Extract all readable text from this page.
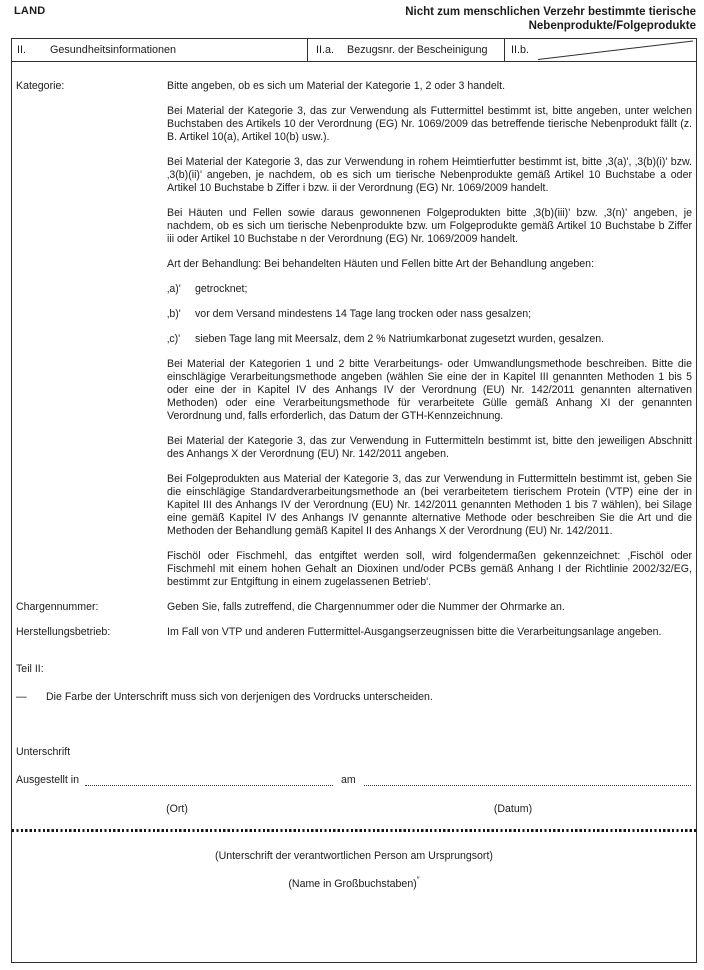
LAND	Nicht zum menschlichen Verzehr bestimmte tierische
Nebenprodukte/Folgeprodukte
II.	Gesundheitsinformationen	II.a.	Bezugsnr. der Bescheinigung II.b.
Kategorie:	Bitte angeben, ob es sich um Material der Kategorie 1, 2 oder 3 handelt.

Bei Material der Kategorie 3, das zur Verwendung als Futtermittel bestimmt ist, bitte angeben, unter welchen Buchstaben des Artikels 10 der Verordnung (EG) Nr. 1069/2009 das betreffende tierische Nebenprodukt fällt (z. B. Artikel 10(a), Artikel 10(b) usw.).

Bei Material der Kategorie 3, das zur Verwendung in rohem Heimtierfutter bestimmt ist, bitte ‚3(a)', ‚3(b)(i)' bzw. ‚3(b)(ii)' angeben, je nachdem, ob es sich um tierische Nebenprodukte gemäß Artikel 10 Buchstabe a oder Artikel 10 Buchstabe b Ziffer i bzw. ii der Verordnung (EG) Nr. 1069/2009 handelt.

Bei Häuten und Fellen sowie daraus gewonnenen Folgeprodukten bitte ‚3(b)(iii)' bzw. ‚3(n)' angeben, je nachdem, ob es sich um tierische Nebenprodukte bzw. um Folgeprodukte gemäß Artikel 10 Buchstabe b Ziffer iii oder Artikel 10 Buchstabe n der Verordnung (EG) Nr. 1069/2009 handelt.

Art der Behandlung: Bei behandelten Häuten und Fellen bitte Art der Behandlung angeben:

‚a)'	getrocknet;
‚b)'	vor dem Versand mindestens 14 Tage lang trocken oder nass gesalzen;
‚c)'	sieben Tage lang mit Meersalz, dem 2 % Natriumkarbonat zugesetzt wurden, gesalzen.

Bei Material der Kategorien 1 und 2 bitte Verarbeitungs- oder Umwandlungsmethode beschreiben. Bitte die einschlägige Verarbeitungsmethode angeben (wählen Sie eine der in Kapitel III genannten Methoden 1 bis 5 oder eine der in Kapitel IV des Anhangs IV der Verordnung (EU) Nr. 142/2011 genannten alternativen Methoden) oder eine Verarbeitungsmethode für verarbeitete Gülle gemäß Anhang XI der genannten Verordnung und, falls erforderlich, das Datum der GTH-Kennzeichnung.

Bei Material der Kategorie 3, das zur Verwendung in Futtermitteln bestimmt ist, bitte den jeweiligen Abschnitt des Anhangs X der Verordnung (EU) Nr. 142/2011 angeben.

Bei Folgeprodukten aus Material der Kategorie 3, das zur Verwendung in Futtermitteln bestimmt ist, geben Sie die einschlägige Standardverarbeitungsmethode an (bei verarbeitetem tierischem Protein (VTP) eine der in Kapitel III des Anhangs IV der Verordnung (EU) Nr. 142/2011 genannten Methoden 1 bis 7 wählen), bei Silage eine gemäß Kapitel IV des Anhangs IV genannte alternative Methode oder beschreiben Sie die Art und die Methoden der Behandlung gemäß Kapitel II des Anhangs X der Verordnung (EU) Nr. 142/2011.

Fischöl oder Fischmehl, das entgiftet werden soll, wird folgendermaßen gekennzeichnet: ‚Fischöl oder Fischmehl mit einem hohen Gehalt an Dioxinen und/oder PCBs gemäß Anhang I der Richtlinie 2002/32/EG, bestimmt zur Entgiftung in einem zugelassenen Betrieb'.

Chargennummer:	Geben Sie, falls zutreffend, die Chargennummer oder die Nummer der Ohrmarke an.
Herstellungsbetrieb:	Im Fall von VTP und anderen Futtermittel-Ausgangserzeugnissen bitte die Verarbeitungsanlage angeben.
Teil II:
—	Die Farbe der Unterschrift muss sich von derjenigen des Vordrucks unterscheiden.
Unterschrift
Ausgestellt in	am
(Ort)	(Datum)
(Unterschrift der verantwortlichen Person am Ursprungsort)
(Name in Großbuchstaben)″
